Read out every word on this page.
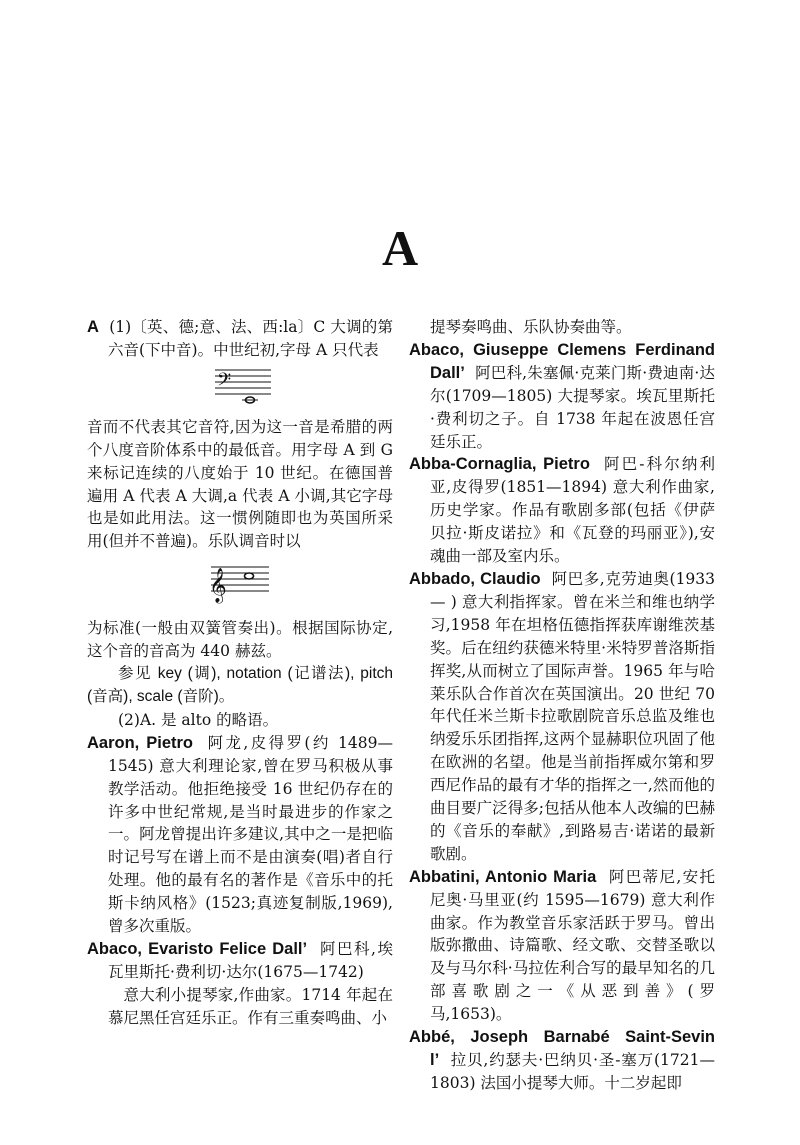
A

A (1)〔英、德;意、法、西:la〕C 大调的第六音(下中音)。中世纪初,字母 A 只代表

𝄢

音而不代表其它音符,因为这一音是希腊的两个八度音阶体系中的最低音。用字母 A 到 G 来标记连续的八度始于 10 世纪。在德国普遍用 A 代表 A 大调,a 代表 A 小调,其它字母也是如此用法。这一惯例随即也为英国所采用(但并不普遍)。乐队调音时以

𝄞

为标准(一般由双簧管奏出)。根据国际协定,这个音的音高为 440 赫兹。

参见 key (调), notation (记谱法), pitch (音高), scale (音阶)。

(2)A. 是 alto 的略语。

Aaron, Pietro 阿龙,皮得罗(约 1489—1545) 意大利理论家,曾在罗马积极从事教学活动。他拒绝接受 16 世纪仍存在的许多中世纪常规,是当时最进步的作家之一。阿龙曾提出许多建议,其中之一是把临时记号写在谱上而不是由演奏(唱)者自行处理。他的最有名的著作是《音乐中的托斯卡纳风格》(1523;真迹复制版,1969),曾多次重版。

Abaco, Evaristo Felice Dall’ 阿巴科,埃瓦里斯托·费利切·达尔(1675—1742)

意大利小提琴家,作曲家。1714 年起在慕尼黑任宫廷乐正。作有三重奏鸣曲、小

提琴奏鸣曲、乐队协奏曲等。

Abaco, Giuseppe Clemens Ferdinand Dall’ 阿巴科,朱塞佩·克莱门斯·费迪南·达尔(1709—1805) 大提琴家。埃瓦里斯托·费利切之子。自 1738 年起在波恩任宫廷乐正。

Abba-Cornaglia, Pietro 阿巴-科尔纳利亚,皮得罗(1851—1894) 意大利作曲家,历史学家。作品有歌剧多部(包括《伊萨贝拉·斯皮诺拉》和《瓦登的玛丽亚》),安魂曲一部及室内乐。

Abbado, Claudio 阿巴多,克劳迪奥(1933— ) 意大利指挥家。曾在米兰和维也纳学习,1958 年在坦格伍德指挥获库谢维茨基奖。后在纽约获德米特里·米特罗普洛斯指挥奖,从而树立了国际声誉。1965 年与哈莱乐队合作首次在英国演出。20 世纪 70 年代任米兰斯卡拉歌剧院音乐总监及维也纳爱乐乐团指挥,这两个显赫职位巩固了他在欧洲的名望。他是当前指挥威尔第和罗西尼作品的最有才华的指挥之一,然而他的曲目要广泛得多;包括从他本人改编的巴赫的《音乐的奉献》,到路易吉·诺诺的最新歌剧。

Abbatini, Antonio Maria 阿巴蒂尼,安托尼奥·马里亚(约 1595—1679) 意大利作曲家。作为教堂音乐家活跃于罗马。曾出版弥撒曲、诗篇歌、经文歌、交替圣歌以及与马尔科·马拉佐利合写的最早知名的几部喜歌剧之一《从恶到善》(罗马,1653)。

Abbé, Joseph Barnabé Saint-Sevin l’ 拉贝,约瑟夫·巴纳贝·圣-塞万(1721—1803) 法国小提琴大师。十二岁起即
